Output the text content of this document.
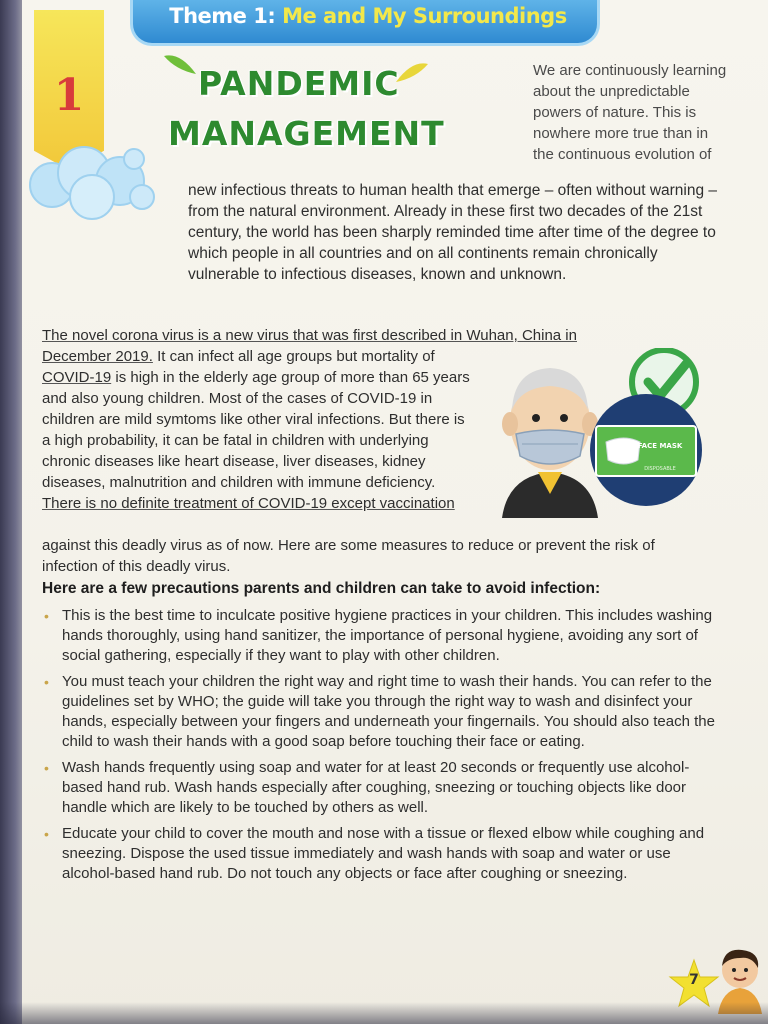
Theme 1: Me and My Surroundings
1	PANDEMIC
MANAGEMENT
We are continuously learning about the unpredictable powers of nature. This is nowhere more true than in the continuous evolution of
new infectious threats to human health that emerge – often without warning – from the natural environment. Already in these first two decades of the 21st century, the world has been sharply reminded time after time of the degree to which people in all countries and on all continents remain chronically vulnerable to infectious diseases, known and unknown.
The novel corona virus is a new virus that was first described in Wuhan, China in
December 2019. It can infect all age groups but mortality of COVID-19 is high in the elderly age group of more than 65 years and also young children. Most of the cases of COVID-19 in children are mild symtoms like other viral infections. But there is a high probability, it can be fatal in children with underlying chronic diseases like heart disease, liver diseases, kidney diseases, malnutrition and children with immune deficiency. There is no definite treatment of COVID-19 except vaccination
against this deadly virus as of now. Here are some measures to reduce or prevent the risk of infection of this deadly virus.
FACE MASK
DISPOSABLE
Here are a few precautions parents and children can take to avoid infection:
• This is the best time to inculcate positive hygiene practices in your children. This includes washing hands thoroughly, using hand sanitizer, the importance of personal hygiene, avoiding any sort of social gathering, especially if they want to play with other children.
• You must teach your children the right way and right time to wash their hands. You can refer to the guidelines set by WHO; the guide will take you through the right way to wash and disinfect your hands, especially between your fingers and underneath your fingernails. You should also teach the child to wash their hands with a good soap before touching their face or eating.
• Wash hands frequently using soap and water for at least 20 seconds or frequently use alcohol-based hand rub. Wash hands especially after coughing, sneezing or touching objects like door handle which are likely to be touched by others as well.
• Educate your child to cover the mouth and nose with a tissue or flexed elbow while coughing and sneezing. Dispose the used tissue immediately and wash hands with soap and water or use alcohol-based hand rub. Do not touch any objects or face after coughing or sneezing.
7
